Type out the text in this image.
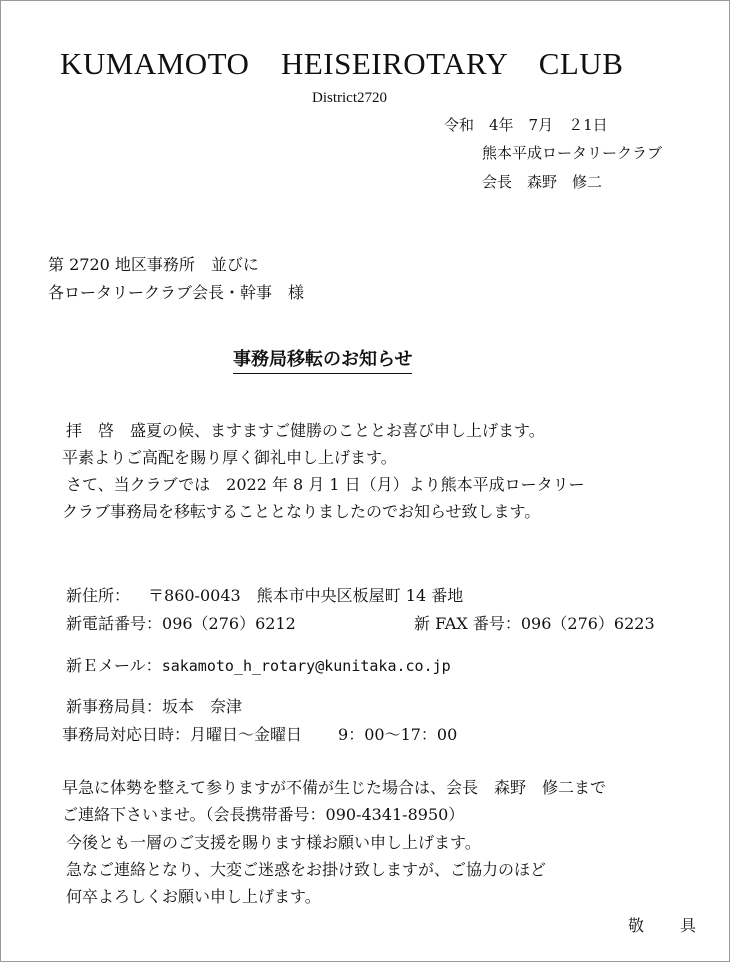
KUMAMOTO　HEISEIROTARY　CLUB
District2720
令和　4年　7月　２1日
熊本平成ロータリークラブ
会長　森野　修二
第 2720 地区事務所　並びに
各ロータリークラブ会長・幹事　様
事務局移転のお知らせ
拝　啓　盛夏の候、ますますご健勝のこととお喜び申し上げます。
平素よりご高配を賜り厚く御礼申し上げます。
さて、当クラブでは　2022 年 8 月 1 日（月）より熊本平成ロータリー
クラブ事務局を移転することとなりましたのでお知らせ致します。
新住所： 〒860-0043　熊本市中央区板屋町 14 番地
新電話番号：096（276）6212	新 FAX 番号：096（276）6223
新Ｅメール：sakamoto_h_rotary@kunitaka.co.jp
新事務局員：坂本　奈津
事務局対応日時：月曜日～金曜日 9：00～17：00
早急に体勢を整えて参りますが不備が生じた場合は、会長　森野　修二まで
ご連絡下さいませ。（会長携帯番号：090-4341-8950）
今後とも一層のご支援を賜ります様お願い申し上げます。
急なご連絡となり、大変ご迷惑をお掛け致しますが、ご協力のほど
何卒よろしくお願い申し上げます。
敬　具
